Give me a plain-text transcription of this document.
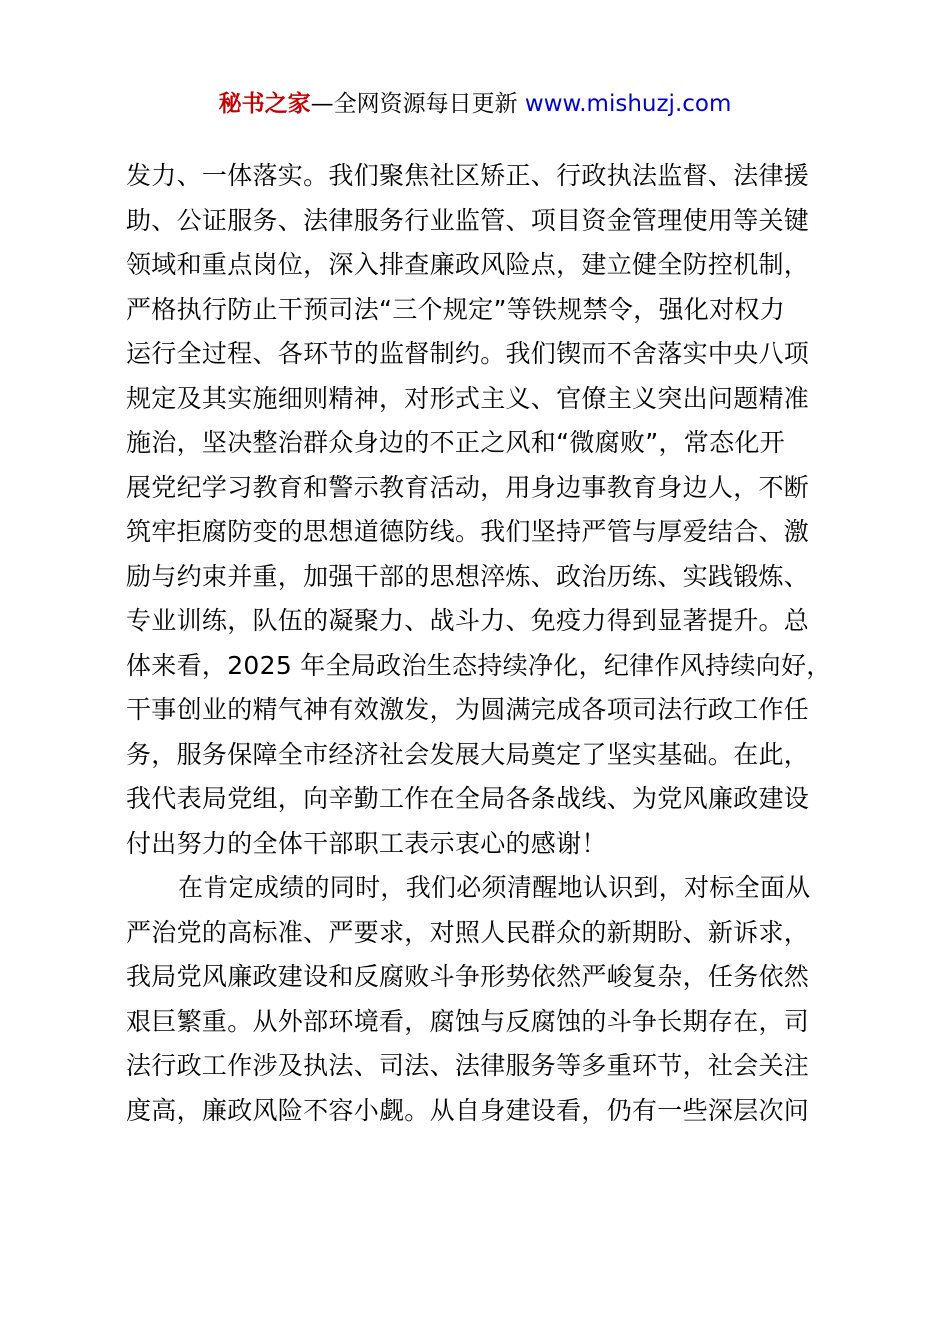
秘书之家—全网资源每日更新 www.mishuzj.com
发力、一体落实。我们聚焦社区矫正、行政执法监督、法律援
助、公证服务、法律服务行业监管、项目资金管理使用等关键
领域和重点岗位，深入排查廉政风险点，建立健全防控机制，
严格执行防止干预司法“三个规定”等铁规禁令，强化对权力
运行全过程、各环节的监督制约。我们锲而不舍落实中央八项
规定及其实施细则精神，对形式主义、官僚主义突出问题精准
施治，坚决整治群众身边的不正之风和“微腐败”，常态化开
展党纪学习教育和警示教育活动，用身边事教育身边人，不断
筑牢拒腐防变的思想道德防线。我们坚持严管与厚爱结合、激
励与约束并重，加强干部的思想淬炼、政治历练、实践锻炼、
专业训练，队伍的凝聚力、战斗力、免疫力得到显著提升。总
体来看，2025 年全局政治生态持续净化，纪律作风持续向好，
干事创业的精气神有效激发，为圆满完成各项司法行政工作任
务，服务保障全市经济社会发展大局奠定了坚实基础。在此，
我代表局党组，向辛勤工作在全局各条战线、为党风廉政建设
付出努力的全体干部职工表示衷心的感谢！
在肯定成绩的同时，我们必须清醒地认识到，对标全面从
严治党的高标准、严要求，对照人民群众的新期盼、新诉求，
我局党风廉政建设和反腐败斗争形势依然严峻复杂，任务依然
艰巨繁重。从外部环境看，腐蚀与反腐蚀的斗争长期存在，司
法行政工作涉及执法、司法、法律服务等多重环节，社会关注
度高，廉政风险不容小觑。从自身建设看，仍有一些深层次问
